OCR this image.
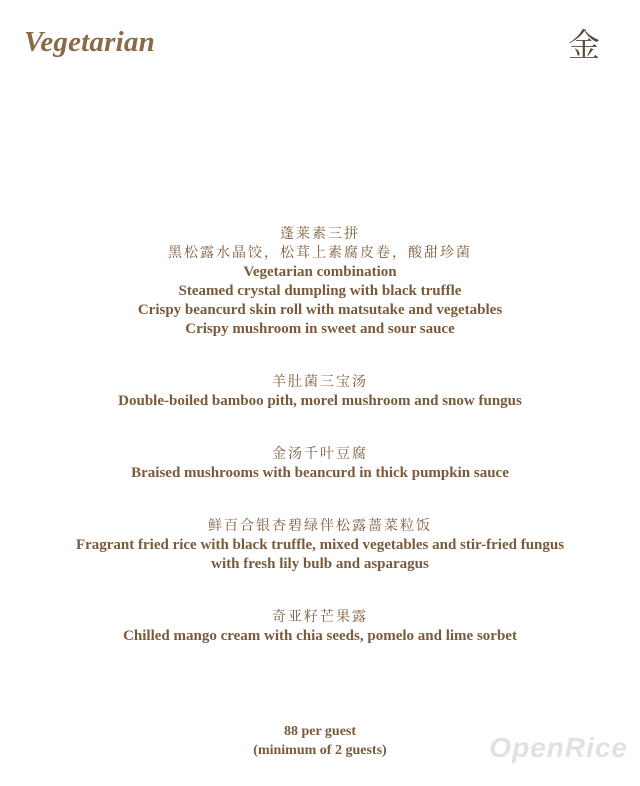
Vegetarian	金
蓬莱素三拼
黑松露水晶饺，松茸上素腐皮卷，酸甜珍菌
Vegetarian combination
Steamed crystal dumpling with black truffle
Crispy beancurd skin roll with matsutake and vegetables
Crispy mushroom in sweet and sour sauce
羊肚菌三宝汤
Double-boiled bamboo pith, morel mushroom and snow fungus
金汤千叶豆腐
Braised mushrooms with beancurd in thick pumpkin sauce
鲜百合银杏碧绿伴松露蔷菜粒饭
Fragrant fried rice with black truffle, mixed vegetables and stir-fried fungus
with fresh lily bulb and asparagus
奇亚籽芒果露
Chilled mango cream with chia seeds, pomelo and lime sorbet
88 per guest
(minimum of 2 guests)	OpenRice
